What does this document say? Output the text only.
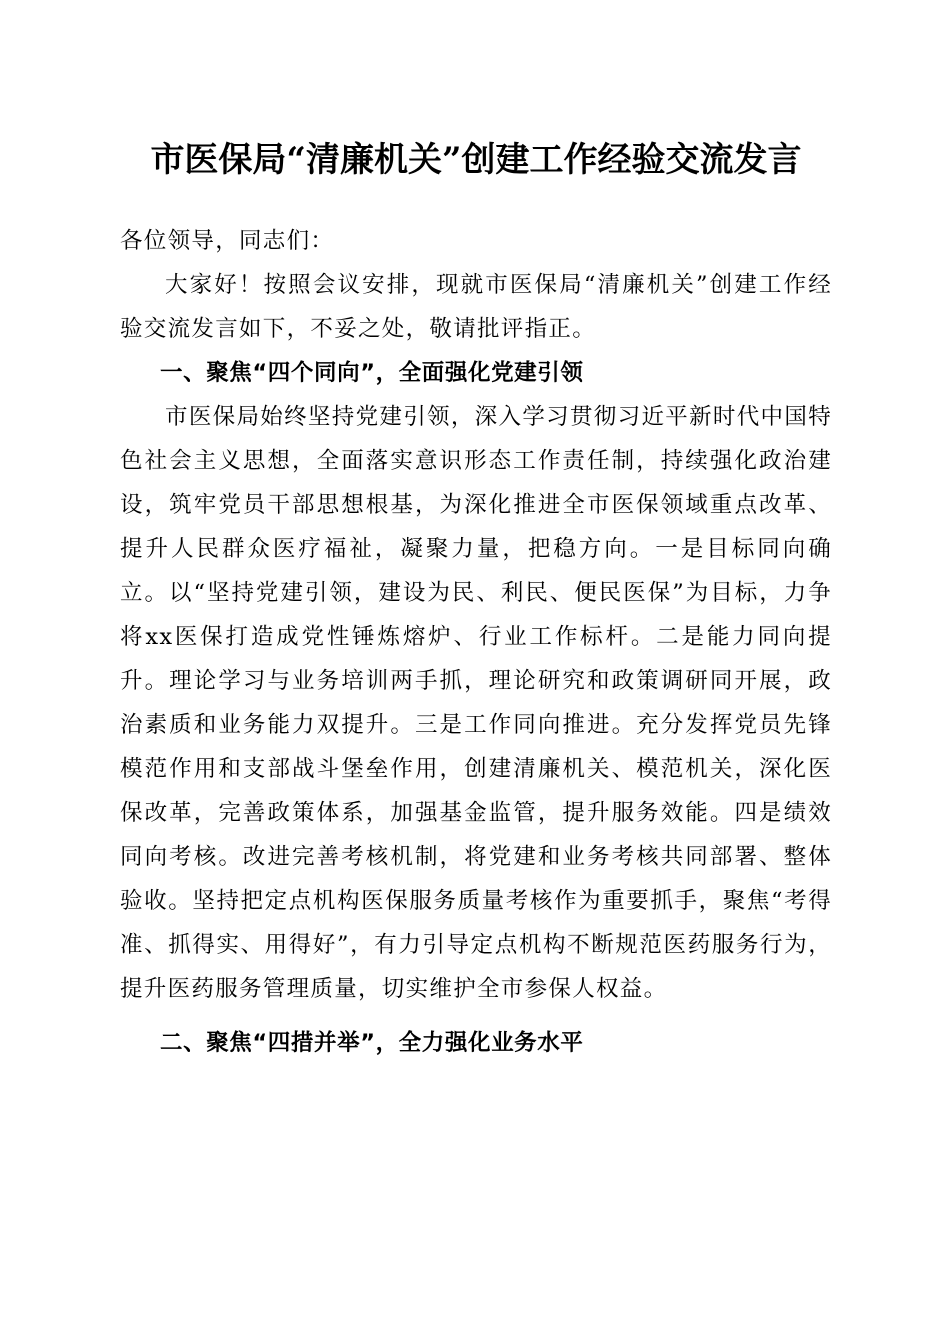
市医保局“清廉机关”创建工作经验交流发言

各位领导，同志们：

大家好！按照会议安排，现就市医保局“清廉机关”创建工作经验交流发言如下，不妥之处，敬请批评指正。

一、聚焦“四个同向”，全面强化党建引领

市医保局始终坚持党建引领，深入学习贯彻习近平新时代中国特色社会主义思想，全面落实意识形态工作责任制，持续强化政治建设，筑牢党员干部思想根基，为深化推进全市医保领域重点改革、提升人民群众医疗福祉，凝聚力量，把稳方向。一是目标同向确立。以“坚持党建引领，建设为民、利民、便民医保”为目标，力争将xx医保打造成党性锤炼熔炉、行业工作标杆。二是能力同向提升。理论学习与业务培训两手抓，理论研究和政策调研同开展，政治素质和业务能力双提升。三是工作同向推进。充分发挥党员先锋模范作用和支部战斗堡垒作用，创建清廉机关、模范机关，深化医保改革，完善政策体系，加强基金监管，提升服务效能。四是绩效同向考核。改进完善考核机制，将党建和业务考核共同部署、整体验收。坚持把定点机构医保服务质量考核作为重要抓手，聚焦“考得准、抓得实、用得好”，有力引导定点机构不断规范医药服务行为，提升医药服务管理质量，切实维护全市参保人权益。

二、聚焦“四措并举”，全力强化业务水平
